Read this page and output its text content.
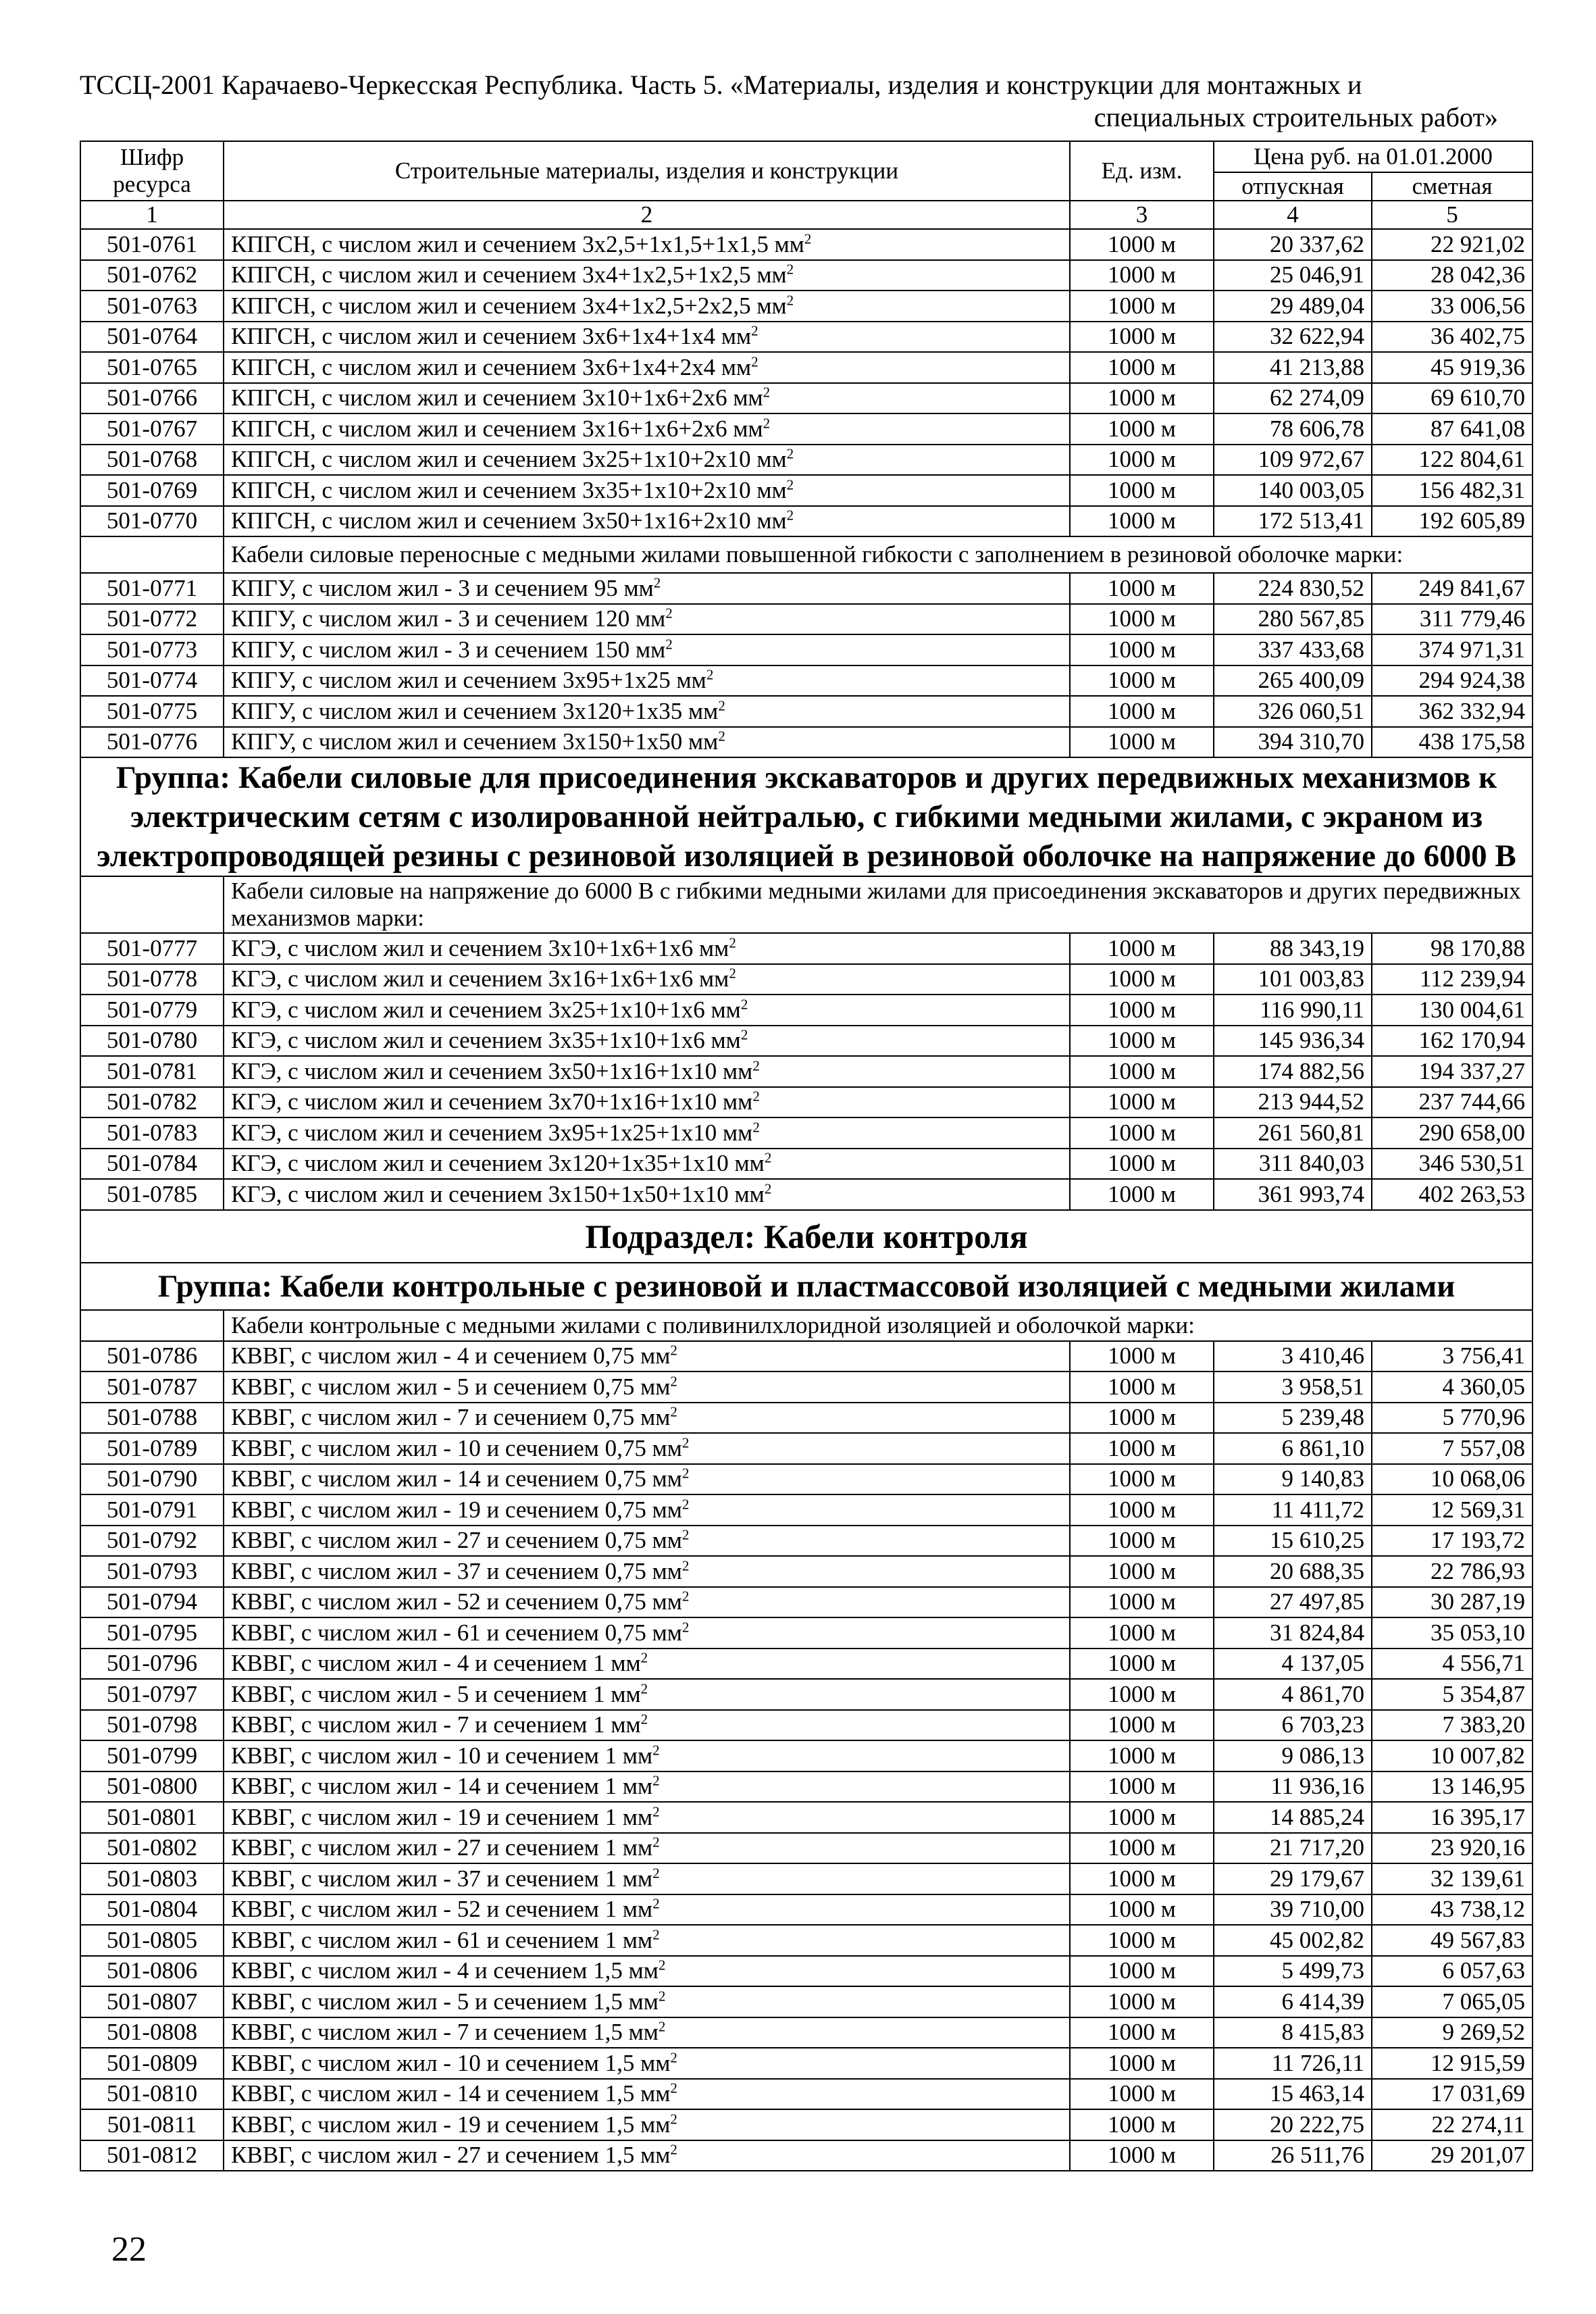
ТССЦ-2001 Карачаево-Черкесская Республика. Часть 5. «Материалы, изделия и конструкции для монтажных и
специальных строительных работ»
Шифр ресурса	Строительные материалы, изделия и конструкции	Ед. изм.	Цена руб. на 01.01.2000	
			отпускная	сметная
1	2	3	4	5
501-0761	КПГСН, с числом жил и сечением 3х2,5+1х1,5+1х1,5 $мм^2$	1000 м	20 337,62	22 921,02
501-0762	КПГСН, с числом жил и сечением 3х4+1х2,5+1х2,5 $мм^2$	1000 м	25 046,91	28 042,36
501-0763	КПГСН, с числом жил и сечением 3х4+1х2,5+2х2,5 $мм^2$	1000 м	29 489,04	33 006,56
501-0764	КПГСН, с числом жил и сечением 3х6+1х4+1х4 $мм^2$	1000 м	32 622,94	36 402,75
501-0765	КПГСН, с числом жил и сечением 3х6+1х4+2х4 $мм^2$	1000 м	41 213,88	45 919,36
501-0766	КПГСН, с числом жил и сечением 3х10+1х6+2х6 $мм^2$	1000 м	62 274,09	69 610,70
501-0767	КПГСН, с числом жил и сечением 3х16+1х6+2х6 $мм^2$	1000 м	78 606,78	87 641,08
501-0768	КПГСН, с числом жил и сечением 3х25+1х10+2х10 $мм^2$	1000 м	109 972,67	122 804,61
501-0769	КПГСН, с числом жил и сечением 3х35+1х10+2х10 $мм^2$	1000 м	140 003,05	156 482,31
501-0770	КПГСН, с числом жил и сечением 3х50+1х16+2х10 $мм^2$	1000 м	172 513,41	192 605,89
	Кабели силовые переносные с медными жилами повышенной гибкости с заполнением в резиновой оболочке марки:			
501-0771	КПГУ, с числом жил - 3 и сечением 95 $мм^2$	1000 м	224 830,52	249 841,67
501-0772	КПГУ, с числом жил - 3 и сечением 120 $мм^2$	1000 м	280 567,85	311 779,46
501-0773	КПГУ, с числом жил - 3 и сечением 150 $мм^2$	1000 м	337 433,68	374 971,31
501-0774	КПГУ, с числом жил и сечением 3х95+1х25 $мм^2$	1000 м	265 400,09	294 924,38
501-0775	КПГУ, с числом жил и сечением 3х120+1х35 $мм^2$	1000 м	326 060,51	362 332,94
501-0776	КПГУ, с числом жил и сечением 3х150+1х50 $мм^2$	1000 м	394 310,70	438 175,58
Группа: Кабели силовые для присоединения экскаваторов и других передвижных механизмов к электрическим сетям с изолированной нейтралью, с гибкими медными жилами, с экраном из электропроводящей резины с резиновой изоляцией в резиновой оболочке на напряжение до 6000 В				
	Кабели силовые на напряжение до 6000 В с гибкими медными жилами для присоединения экскаваторов и других передвижных механизмов марки:			
501-0777	КГЭ, с числом жил и сечением 3х10+1х6+1х6 $мм^2$	1000 м	88 343,19	98 170,88
501-0778	КГЭ, с числом жил и сечением 3х16+1х6+1х6 $мм^2$	1000 м	101 003,83	112 239,94
501-0779	КГЭ, с числом жил и сечением 3х25+1х10+1х6 $мм^2$	1000 м	116 990,11	130 004,61
501-0780	КГЭ, с числом жил и сечением 3х35+1х10+1х6 $мм^2$	1000 м	145 936,34	162 170,94
501-0781	КГЭ, с числом жил и сечением 3х50+1х16+1х10 $мм^2$	1000 м	174 882,56	194 337,27
501-0782	КГЭ, с числом жил и сечением 3х70+1х16+1х10 $мм^2$	1000 м	213 944,52	237 744,66
501-0783	КГЭ, с числом жил и сечением 3х95+1х25+1х10 $мм^2$	1000 м	261 560,81	290 658,00
501-0784	КГЭ, с числом жил и сечением 3х120+1х35+1х10 $мм^2$	1000 м	311 840,03	346 530,51
501-0785	КГЭ, с числом жил и сечением 3х150+1х50+1х10 $мм^2$	1000 м	361 993,74	402 263,53
Подраздел: Кабели контроля				
Группа: Кабели контрольные с резиновой и пластмассовой изоляцией с медными жилами				
	Кабели контрольные с медными жилами с поливинилхлоридной изоляцией и оболочкой марки:			
501-0786	КВВГ, с числом жил - 4 и сечением 0,75 $мм^2$	1000 м	3 410,46	3 756,41
501-0787	КВВГ, с числом жил - 5 и сечением 0,75 $мм^2$	1000 м	3 958,51	4 360,05
501-0788	КВВГ, с числом жил - 7 и сечением 0,75 $мм^2$	1000 м	5 239,48	5 770,96
501-0789	КВВГ, с числом жил - 10 и сечением 0,75 $мм^2$	1000 м	6 861,10	7 557,08
501-0790	КВВГ, с числом жил - 14 и сечением 0,75 $мм^2$	1000 м	9 140,83	10 068,06
501-0791	КВВГ, с числом жил - 19 и сечением 0,75 $мм^2$	1000 м	11 411,72	12 569,31
501-0792	КВВГ, с числом жил - 27 и сечением 0,75 $мм^2$	1000 м	15 610,25	17 193,72
501-0793	КВВГ, с числом жил - 37 и сечением 0,75 $мм^2$	1000 м	20 688,35	22 786,93
501-0794	КВВГ, с числом жил - 52 и сечением 0,75 $мм^2$	1000 м	27 497,85	30 287,19
501-0795	КВВГ, с числом жил - 61 и сечением 0,75 $мм^2$	1000 м	31 824,84	35 053,10
501-0796	КВВГ, с числом жил - 4 и сечением 1 $мм^2$	1000 м	4 137,05	4 556,71
501-0797	КВВГ, с числом жил - 5 и сечением 1 $мм^2$	1000 м	4 861,70	5 354,87
501-0798	КВВГ, с числом жил - 7 и сечением 1 $мм^2$	1000 м	6 703,23	7 383,20
501-0799	КВВГ, с числом жил - 10 и сечением 1 $мм^2$	1000 м	9 086,13	10 007,82
501-0800	КВВГ, с числом жил - 14 и сечением 1 $мм^2$	1000 м	11 936,16	13 146,95
501-0801	КВВГ, с числом жил - 19 и сечением 1 $мм^2$	1000 м	14 885,24	16 395,17
501-0802	КВВГ, с числом жил - 27 и сечением 1 $мм^2$	1000 м	21 717,20	23 920,16
501-0803	КВВГ, с числом жил - 37 и сечением 1 $мм^2$	1000 м	29 179,67	32 139,61
501-0804	КВВГ, с числом жил - 52 и сечением 1 $мм^2$	1000 м	39 710,00	43 738,12
501-0805	КВВГ, с числом жил - 61 и сечением 1 $мм^2$	1000 м	45 002,82	49 567,83
501-0806	КВВГ, с числом жил - 4 и сечением 1,5 $мм^2$	1000 м	5 499,73	6 057,63
501-0807	КВВГ, с числом жил - 5 и сечением 1,5 $мм^2$	1000 м	6 414,39	7 065,05
501-0808	КВВГ, с числом жил - 7 и сечением 1,5 $мм^2$	1000 м	8 415,83	9 269,52
501-0809	КВВГ, с числом жил - 10 и сечением 1,5 $мм^2$	1000 м	11 726,11	12 915,59
501-0810	КВВГ, с числом жил - 14 и сечением 1,5 $мм^2$	1000 м	15 463,14	17 031,69
501-0811	КВВГ, с числом жил - 19 и сечением 1,5 $мм^2$	1000 м	20 222,75	22 274,11
501-0812	КВВГ, с числом жил - 27 и сечением 1,5 $мм^2$	1000 м	26 511,76	29 201,07
22
